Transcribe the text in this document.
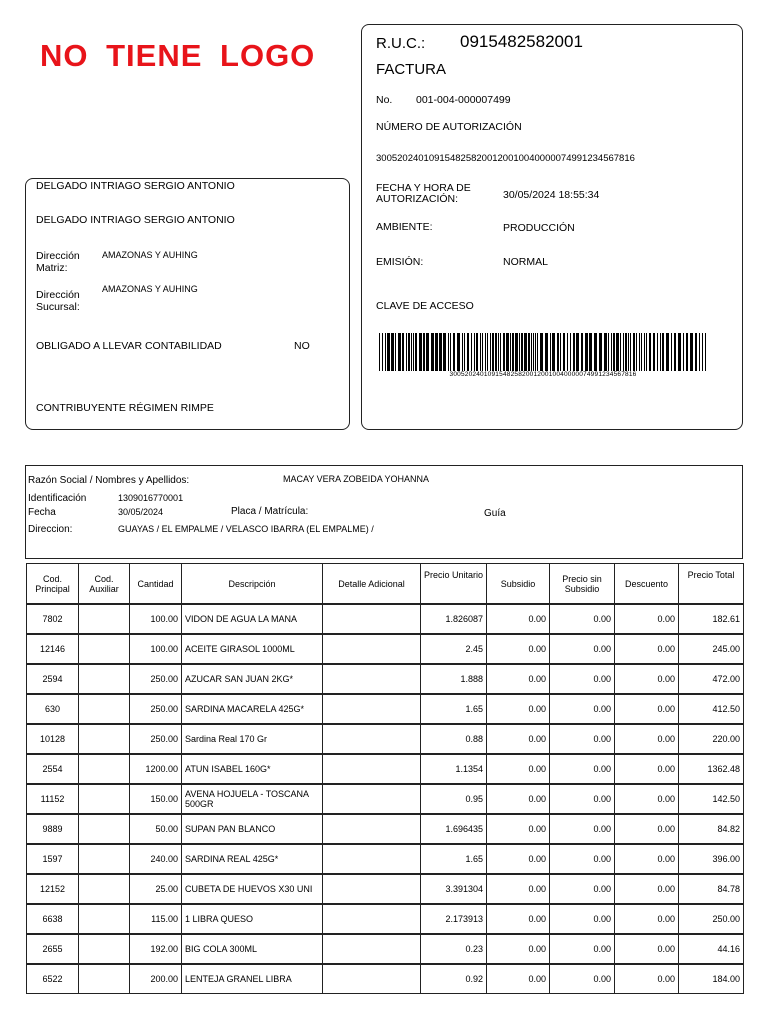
NO TIENE LOGO
DELGADO INTRIAGO SERGIO ANTONIO
DELGADO INTRIAGO SERGIO ANTONIO
Dirección
Matriz:
AMAZONAS Y AUHING
Dirección
Sucursal:
AMAZONAS Y AUHING
OBLIGADO A LLEVAR CONTABILIDAD	NO
CONTRIBUYENTE RÉGIMEN RIMPE
R.U.C.: 0915482582001
FACTURA
No. 001-004-000007499
NÚMERO DE AUTORIZACIÓN
3005202401091548258200120010040000074991234567816
FECHA Y HORA DE
AUTORIZACIÓN:	30/05/2024 18:55:34
AMBIENTE:	PRODUCCIÓN
EMISIÓN:	NORMAL
CLAVE DE ACCESO
3005202401091548258200120010040000074991234567816
Razón Social / Nombres y Apellidos:	MACAY VERA ZOBEIDA YOHANNA
Identificación	1309016770001
Fecha	30/05/2024	Placa / Matrícula:	Guía
Direccion:	GUAYAS / EL EMPALME / VELASCO IBARRA (EL EMPALME) /
Cod.
Principal	Cod.
Auxiliar	Cantidad	Descripción	Detalle Adicional	Precio Unitario	Subsidio	Precio sin
Subsidio	Descuento	Precio Total
7802		100.00	VIDON DE AGUA LA MANA		1.826087	0.00	0.00	0.00	182.61
12146		100.00	ACEITE GIRASOL 1000ML		2.45	0.00	0.00	0.00	245.00
2594		250.00	AZUCAR SAN JUAN 2KG*		1.888	0.00	0.00	0.00	472.00
630		250.00	SARDINA MACARELA 425G*		1.65	0.00	0.00	0.00	412.50
10128		250.00	Sardina Real 170 Gr		0.88	0.00	0.00	0.00	220.00
2554		1200.00	ATUN ISABEL 160G*		1.1354	0.00	0.00	0.00	1362.48
11152		150.00	AVENA HOJUELA - TOSCANA 500GR		0.95	0.00	0.00	0.00	142.50
9889		50.00	SUPAN PAN BLANCO		1.696435	0.00	0.00	0.00	84.82
1597		240.00	SARDINA REAL 425G*		1.65	0.00	0.00	0.00	396.00
12152		25.00	CUBETA DE HUEVOS X30 UNI		3.391304	0.00	0.00	0.00	84.78
6638		115.00	1 LIBRA QUESO		2.173913	0.00	0.00	0.00	250.00
2655		192.00	BIG COLA 300ML		0.23	0.00	0.00	0.00	44.16
6522		200.00	LENTEJA GRANEL LIBRA		0.92	0.00	0.00	0.00	184.00
